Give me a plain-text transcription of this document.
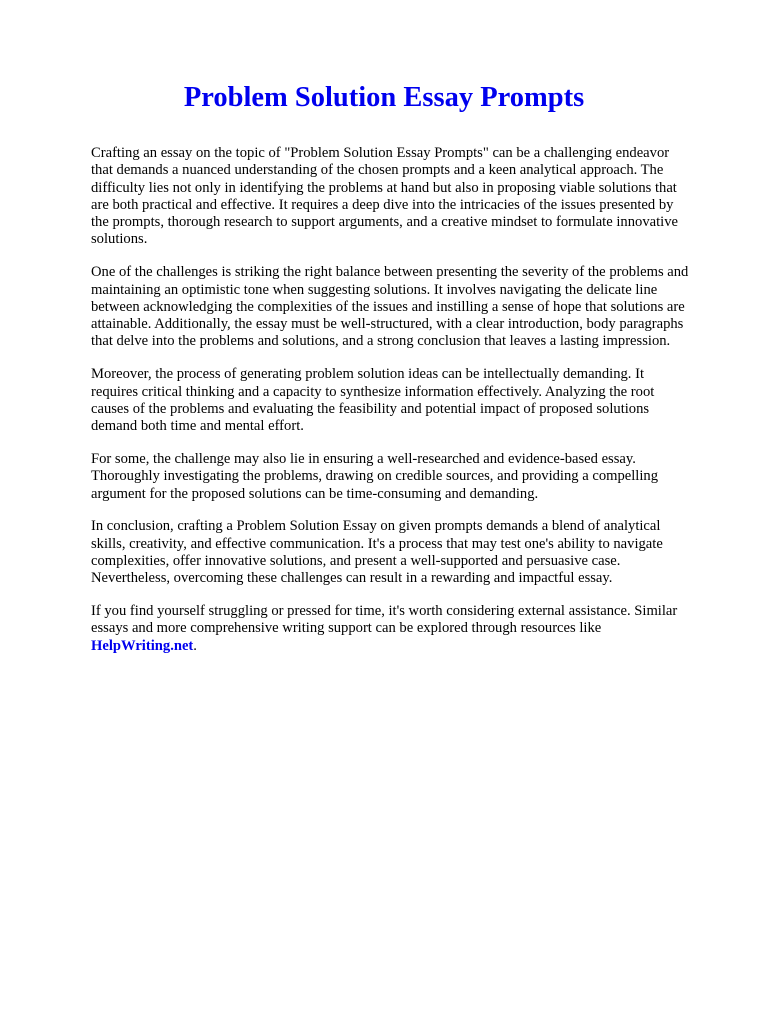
Problem Solution Essay Prompts

Crafting an essay on the topic of "Problem Solution Essay Prompts" can be a challenging endeavor that demands a nuanced understanding of the chosen prompts and a keen analytical approach. The difficulty lies not only in identifying the problems at hand but also in proposing viable solutions that are both practical and effective. It requires a deep dive into the intricacies of the issues presented by the prompts, thorough research to support arguments, and a creative mindset to formulate innovative solutions.

One of the challenges is striking the right balance between presenting the severity of the problems and maintaining an optimistic tone when suggesting solutions. It involves navigating the delicate line between acknowledging the complexities of the issues and instilling a sense of hope that solutions are attainable. Additionally, the essay must be well-structured, with a clear introduction, body paragraphs that delve into the problems and solutions, and a strong conclusion that leaves a lasting impression.

Moreover, the process of generating problem solution ideas can be intellectually demanding. It requires critical thinking and a capacity to synthesize information effectively. Analyzing the root causes of the problems and evaluating the feasibility and potential impact of proposed solutions demand both time and mental effort.

For some, the challenge may also lie in ensuring a well-researched and evidence-based essay. Thoroughly investigating the problems, drawing on credible sources, and providing a compelling argument for the proposed solutions can be time-consuming and demanding.

In conclusion, crafting a Problem Solution Essay on given prompts demands a blend of analytical skills, creativity, and effective communication. It's a process that may test one's ability to navigate complexities, offer innovative solutions, and present a well-supported and persuasive case. Nevertheless, overcoming these challenges can result in a rewarding and impactful essay.

If you find yourself struggling or pressed for time, it's worth considering external assistance. Similar essays and more comprehensive writing support can be explored through resources like
HelpWriting.net.
